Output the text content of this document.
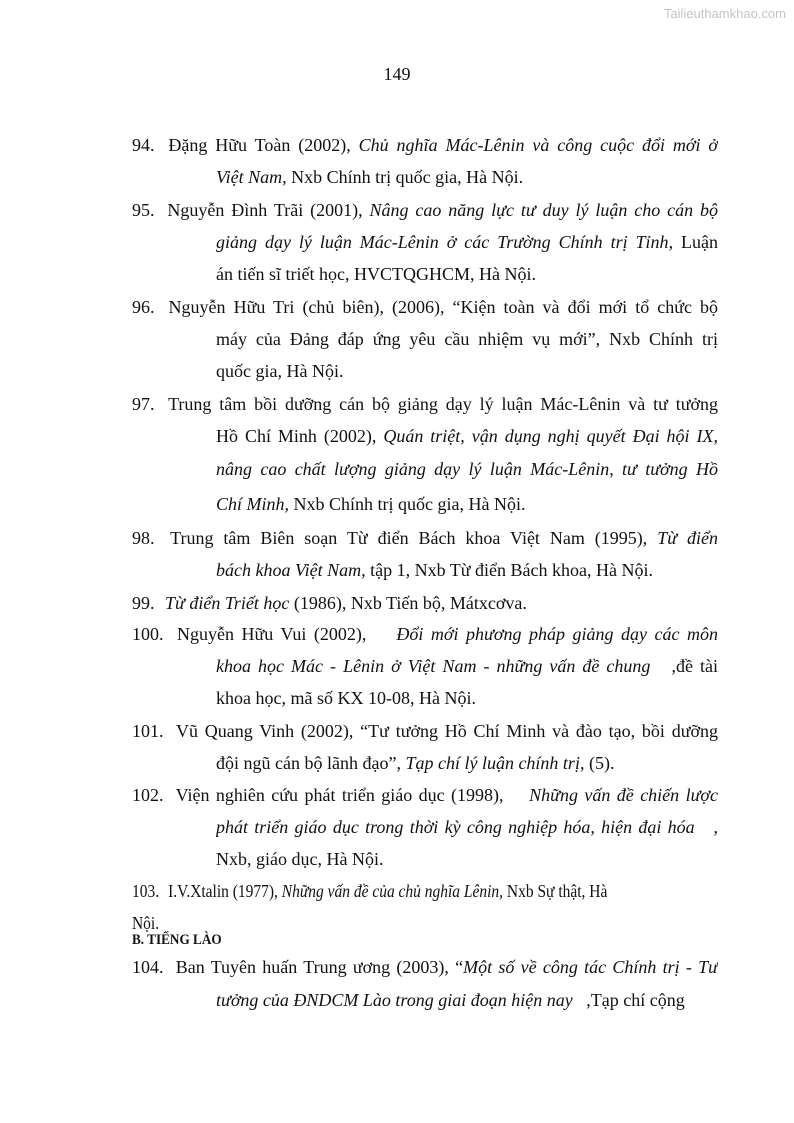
Tailieuthamkhao.com
149
94. Đặng Hữu Toàn (2002), Chủ nghĩa Mác-Lênin và công cuộc đổi mới ở
Việt Nam, Nxb Chính trị quốc gia, Hà Nội.
95. Nguyễn Đình Trãi (2001), Nâng cao năng lực tư duy lý luận cho cán bộ
giảng dạy lý luận Mác-Lênin ở các Trường Chính trị Tỉnh, Luận
án tiến sĩ triết học, HVCTQGHCM, Hà Nội.
96. Nguyễn Hữu Tri (chủ biên), (2006), “Kiện toàn và đổi mới tổ chức bộ
máy của Đảng đáp ứng yêu cầu nhiệm vụ mới”, Nxb Chính trị
quốc gia, Hà Nội.
97. Trung tâm bồi dưỡng cán bộ giảng dạy lý luận Mác-Lênin và tư tưởng
Hồ Chí Minh (2002), Quán triệt, vận dụng nghị quyết Đại hội IX,
nâng cao chất lượng giảng dạy lý luận Mác-Lênin, tư tưởng Hồ
Chí Minh, Nxb Chính trị quốc gia, Hà Nội.
98. Trung tâm Biên soạn Từ điển Bách khoa Việt Nam (1995), Từ điển
bách khoa Việt Nam, tập 1, Nxb Từ điển Bách khoa, Hà Nội.
99. Từ điển Triết học (1986), Nxb Tiến bộ, Mátxcơva.
100. Nguyễn Hữu Vui (2002),    Đổi mới phương pháp giảng dạy các môn
khoa học Mác - Lênin ở Việt Nam - những vấn đề chung   ,đề tài
khoa học, mã số KX 10-08, Hà Nội.
101. Vũ Quang Vinh (2002), “Tư tưởng Hồ Chí Minh và đào tạo, bồi dưỡng
đội ngũ cán bộ lãnh đạo”, Tạp chí lý luận chính trị, (5).
102. Viện nghiên cứu phát triển giáo dục (1998),    Những vấn đề chiến lược
phát triển giáo dục trong thời kỳ công nghiệp hóa, hiện đại hóa   ,
Nxb, giáo dục, Hà Nội.
103. I.V.Xtalin (1977), Những vấn đề của chủ nghĩa Lênin, Nxb Sự thật, Hà Nội.
104. Ban Tuyên huấn Trung ương (2003), “Một số về công tác Chính trị - Tư
tưởng của ĐNDCM Lào trong giai đoạn hiện nay   ,Tạp chí cộng
B. TIẾNG LÀO
